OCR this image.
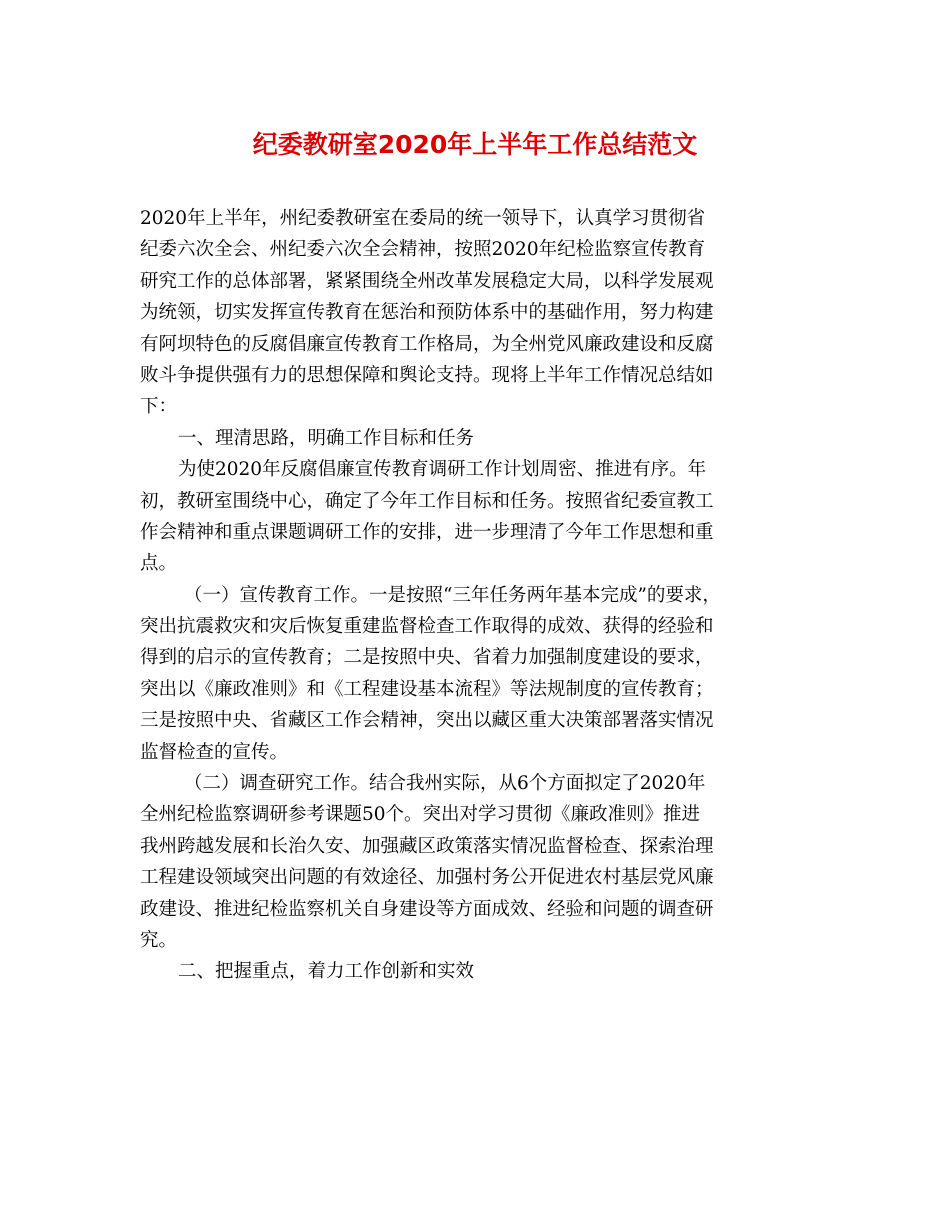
纪委教研室2020年上半年工作总结范文
2020年上半年，州纪委教研室在委局的统一领导下，认真学习贯彻省
纪委六次全会、州纪委六次全会精神，按照2020年纪检监察宣传教育
研究工作的总体部署，紧紧围绕全州改革发展稳定大局，以科学发展观
为统领，切实发挥宣传教育在惩治和预防体系中的基础作用，努力构建
有阿坝特色的反腐倡廉宣传教育工作格局，为全州党风廉政建设和反腐
败斗争提供强有力的思想保障和舆论支持。现将上半年工作情况总结如
下：
一、理清思路，明确工作目标和任务
为使2020年反腐倡廉宣传教育调研工作计划周密、推进有序。年
初，教研室围绕中心，确定了今年工作目标和任务。按照省纪委宣教工
作会精神和重点课题调研工作的安排，进一步理清了今年工作思想和重
点。
（一）宣传教育工作。一是按照“三年任务两年基本完成”的要求，
突出抗震救灾和灾后恢复重建监督检查工作取得的成效、获得的经验和
得到的启示的宣传教育；二是按照中央、省着力加强制度建设的要求，
突出以《廉政准则》和《工程建设基本流程》等法规制度的宣传教育；
三是按照中央、省藏区工作会精神，突出以藏区重大决策部署落实情况
监督检查的宣传。
（二）调查研究工作。结合我州实际，从6个方面拟定了2020年
全州纪检监察调研参考课题50个。突出对学习贯彻《廉政准则》推进
我州跨越发展和长治久安、加强藏区政策落实情况监督检查、探索治理
工程建设领域突出问题的有效途径、加强村务公开促进农村基层党风廉
政建设、推进纪检监察机关自身建设等方面成效、经验和问题的调查研
究。
二、把握重点，着力工作创新和实效
